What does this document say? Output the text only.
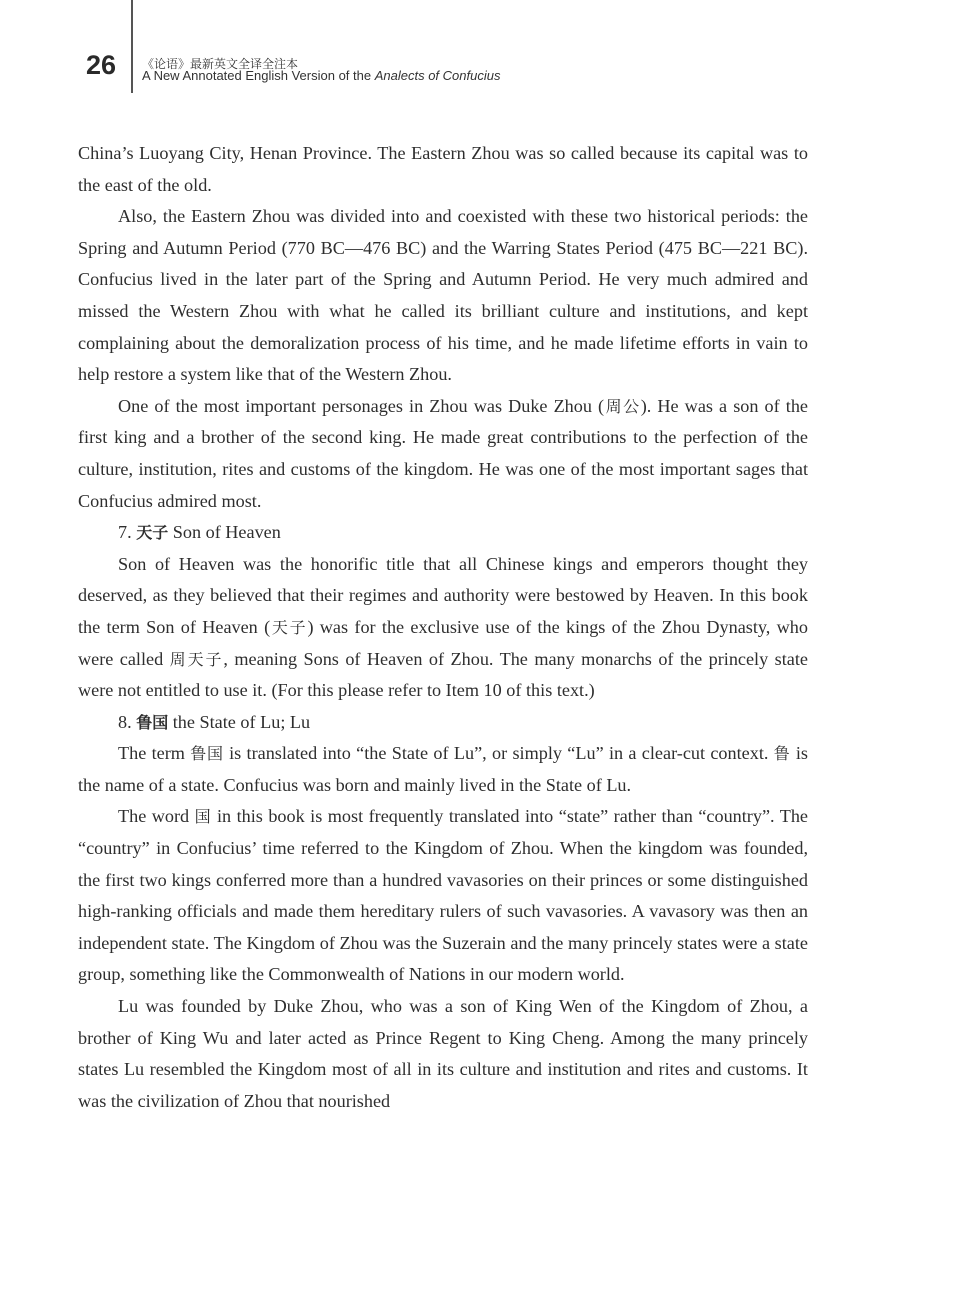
26 《论语》最新英文全译全注本
A New Annotated English Version of the Analects of Confucius

China’s Luoyang City, Henan Province. The Eastern Zhou was so called because its capital was to the east of the old.

Also, the Eastern Zhou was divided into and coexisted with these two historical periods: the Spring and Autumn Period (770 BC—476 BC) and the Warring States Period (475 BC—221 BC). Confucius lived in the later part of the Spring and Autumn Period. He very much admired and missed the Western Zhou with what he called its brilliant culture and institutions, and kept complaining about the demoralization process of his time, and he made lifetime efforts in vain to help restore a system like that of the Western Zhou.

One of the most important personages in Zhou was Duke Zhou (周公). He was a son of the first king and a brother of the second king. He made great contributions to the perfection of the culture, institution, rites and customs of the kingdom. He was one of the most important sages that Confucius admired most.

7. 天子 Son of Heaven

Son of Heaven was the honorific title that all Chinese kings and emperors thought they deserved, as they believed that their regimes and authority were bestowed by Heaven. In this book the term Son of Heaven (天子) was for the exclusive use of the kings of the Zhou Dynasty, who were called 周天子, meaning Sons of Heaven of Zhou. The many monarchs of the princely state were not entitled to use it. (For this please refer to Item 10 of this text.)

8. 鲁国 the State of Lu; Lu

The term 鲁国 is translated into “the State of Lu”, or simply “Lu” in a clear-cut context. 鲁 is the name of a state. Confucius was born and mainly lived in the State of Lu.

The word 国 in this book is most frequently translated into “state” rather than “country”. The “country” in Confucius’ time referred to the Kingdom of Zhou. When the kingdom was founded, the first two kings conferred more than a hundred vavasories on their princes or some distinguished high-ranking officials and made them hereditary rulers of such vavasories. A vavasory was then an independent state. The Kingdom of Zhou was the Suzerain and the many princely states were a state group, something like the Commonwealth of Nations in our modern world.

Lu was founded by Duke Zhou, who was a son of King Wen of the Kingdom of Zhou, a brother of King Wu and later acted as Prince Regent to King Cheng. Among the many princely states Lu resembled the Kingdom most of all in its culture and institution and rites and customs. It was the civilization of Zhou that nourished
